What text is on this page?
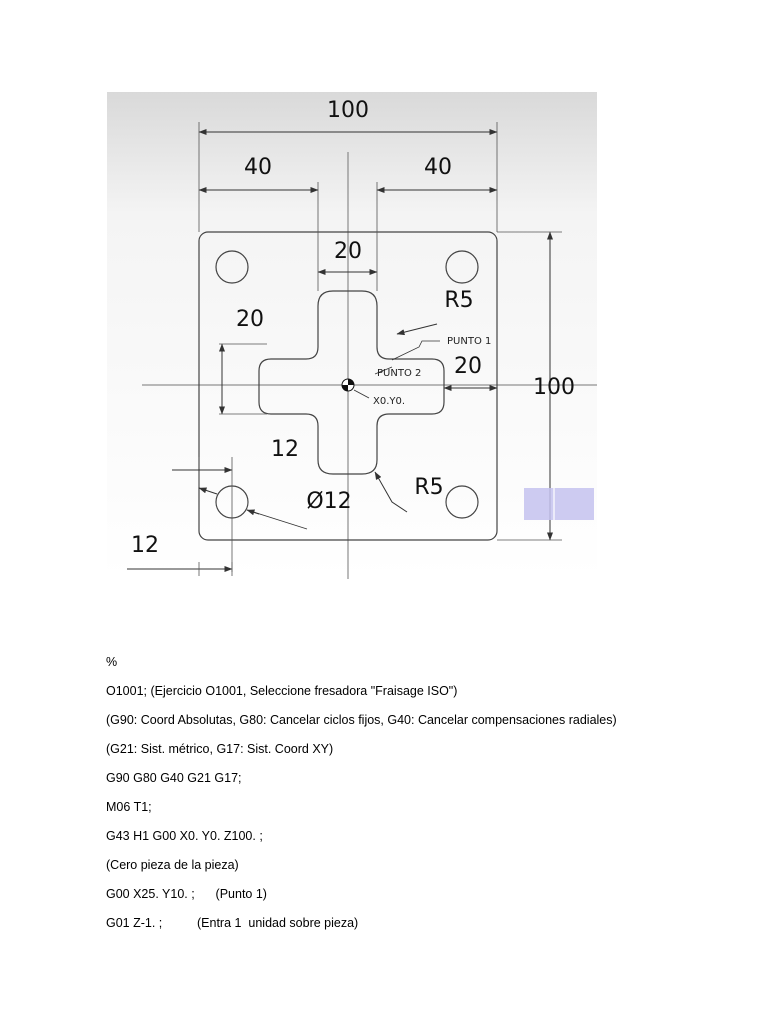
100
40	40
20
20
20
100
R5
PUNTO 1
PUNTO 2
X0.Y0.
12
Ø12
R5
12
%
O1001; (Ejercicio O1001, Seleccione fresadora "Fraisage ISO")
(G90: Coord Absolutas, G80: Cancelar ciclos fijos, G40: Cancelar compensaciones radiales)
(G21: Sist. métrico, G17: Sist. Coord XY)
G90 G80 G40 G21 G17;
M06 T1;
G43 H1 G00 X0. Y0. Z100. ;
(Cero pieza de la pieza)
G00 X25. Y10. ;      (Punto 1)
G01 Z-1. ;          (Entra 1  unidad sobre pieza)
